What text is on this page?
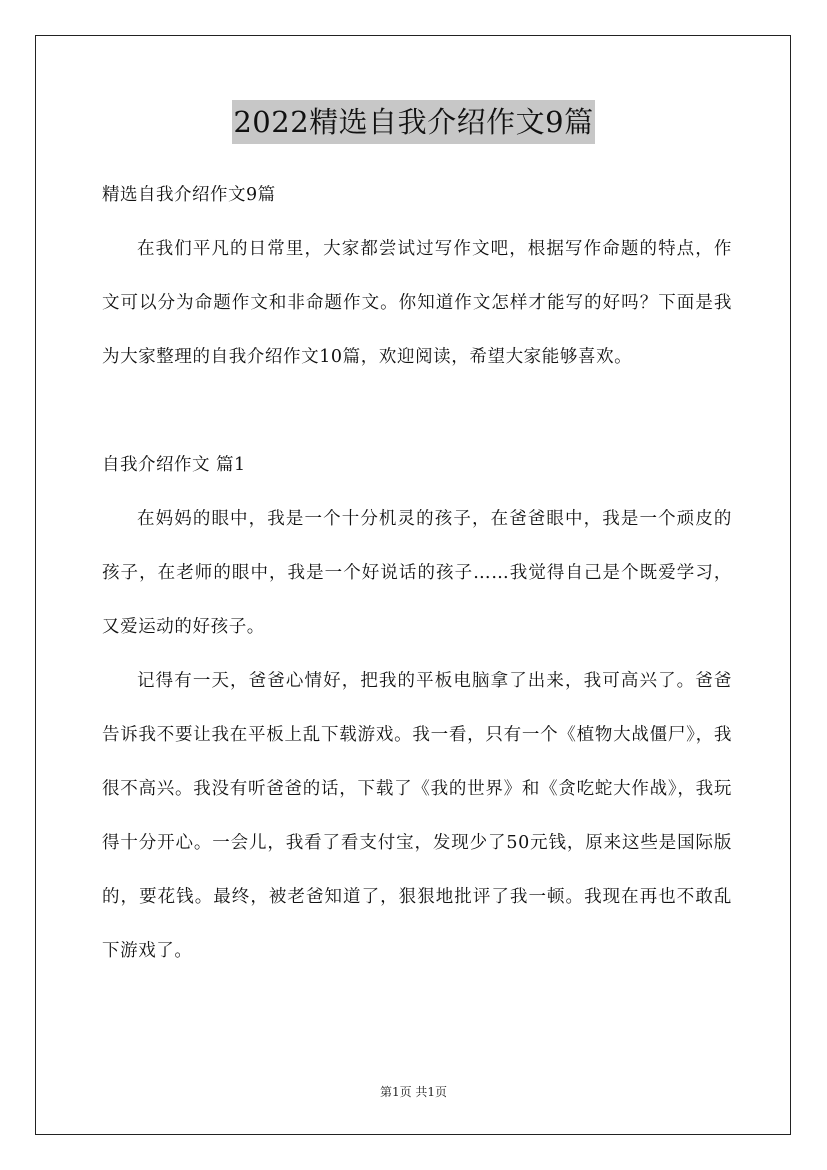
2022精选自我介绍作文9篇

精选自我介绍作文9篇

在我们平凡的日常里，大家都尝试过写作文吧，根据写作命题的特点，作文可以分为命题作文和非命题作文。你知道作文怎样才能写的好吗？下面是我为大家整理的自我介绍作文10篇，欢迎阅读，希望大家能够喜欢。

自我介绍作文 篇1

在妈妈的眼中，我是一个十分机灵的孩子，在爸爸眼中，我是一个顽皮的孩子，在老师的眼中，我是一个好说话的孩子……我觉得自己是个既爱学习，又爱运动的好孩子。

记得有一天，爸爸心情好，把我的平板电脑拿了出来，我可高兴了。爸爸告诉我不要让我在平板上乱下载游戏。我一看，只有一个《植物大战僵尸》，我很不高兴。我没有听爸爸的话，下载了《我的世界》和《贪吃蛇大作战》，我玩得十分开心。一会儿，我看了看支付宝，发现少了50元钱，原来这些是国际版的，要花钱。最终，被老爸知道了，狠狠地批评了我一顿。我现在再也不敢乱下游戏了。

第1页 共1页
